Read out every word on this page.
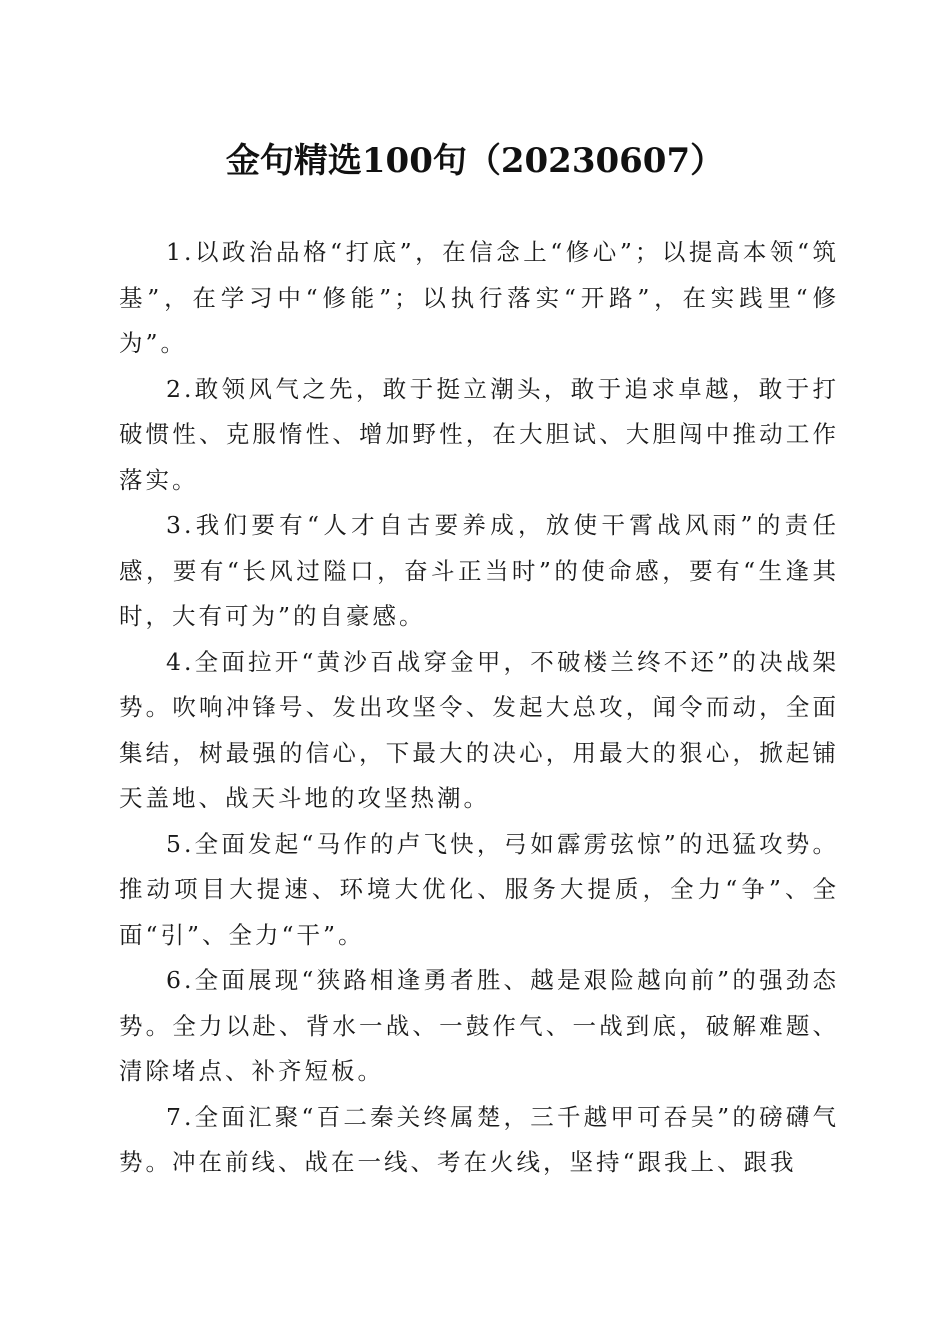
金句精选100句（20230607）

1.以政治品格“打底”，在信念上“修心”；以提高本领“筑基”，在学习中“修能”；以执行落实“开路”，在实践里“修为”。

2.敢领风气之先，敢于挺立潮头，敢于追求卓越，敢于打破惯性、克服惰性、增加野性，在大胆试、大胆闯中推动工作落实。

3.我们要有“人才自古要养成，放使干霄战风雨”的责任感，要有“长风过隘口，奋斗正当时”的使命感，要有“生逢其时，大有可为”的自豪感。

4.全面拉开“黄沙百战穿金甲，不破楼兰终不还”的决战架势。吹响冲锋号、发出攻坚令、发起大总攻，闻令而动，全面集结，树最强的信心，下最大的决心，用最大的狠心，掀起铺天盖地、战天斗地的攻坚热潮。

5.全面发起“马作的卢飞快，弓如霹雳弦惊”的迅猛攻势。推动项目大提速、环境大优化、服务大提质，全力“争”、全面“引”、全力“干”。

6.全面展现“狭路相逢勇者胜、越是艰险越向前”的强劲态势。全力以赴、背水一战、一鼓作气、一战到底，破解难题、清除堵点、补齐短板。

7.全面汇聚“百二秦关终属楚，三千越甲可吞吴”的磅礴气势。冲在前线、战在一线、考在火线，坚持“跟我上、跟我
